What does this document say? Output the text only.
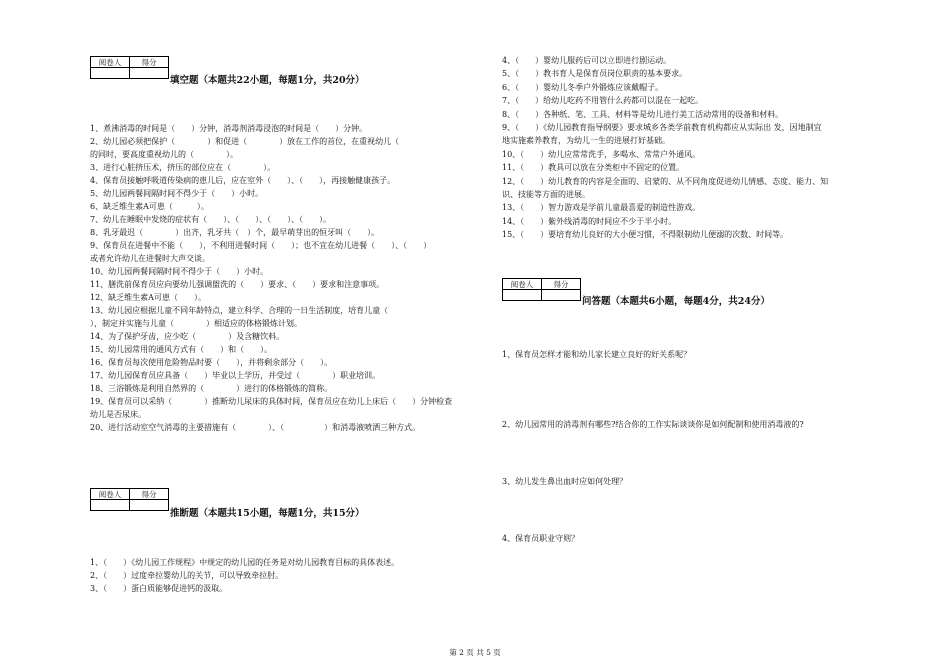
阅卷人	得分

填空题（本题共22小题，每题1分，共20分）
1、煮沸消毒的时间是（　　）分钟，消毒剂消毒浸泡的时间是（　　）分钟。
2、幼儿园必须把保护（　　　　）和促进（　　　　）放在工作的首位，在重视幼儿（　　
的同时，要高度重视幼儿的（　　　　）。
3、进行心脏挤压术，挤压的部位应在（　　　　）。
4、保育员接触呼吸道传染病的患儿后，应在室外（　　）、（　　），再接触健康孩子。
5、幼儿园两餐间隔时间不得少于（　　）小时。
6、缺乏维生素A可患（　　　）。
7、幼儿在睡眠中发烧的症状有（　　）、（　　）、（　　）、（　　）。
8、乳牙最迟（　　　　）出齐，乳牙共（　）个，最早萌芽出的恒牙叫（　　）。
9、保育员在进餐中不能（　　），不利用进餐时间（　　）；也不宜在幼儿进餐（　　）、（　　）
或者允许幼儿在进餐时大声交谈。
10、幼儿园两餐间隔时间不得少于（　　）小时。
11、膳洗前保育员应向要幼儿强调盥洗的（　　）要求、（　　）要求和注意事项。
12、缺乏维生素A可患（　　）。
13、幼儿园应根据儿童不同年龄特点，建立科学、合理的一日生活制度，培育儿童（　　
），制定并实施与儿童（　　　　）相适应的体格锻炼计划。
14、为了保护牙齿，应少吃（　　　　）及含糖饮料。
15、幼儿园常用的通风方式有（　　）和（　　）。
16、保育员每次使用危险物品时要（　　），并将剩余部分（　　）。
17、幼儿园保育员应具备（　　）毕业以上学历，并受过（　　　　）职业培训。
18、三浴锻炼是利用自然界的（　　　　）进行的体格锻炼的简称。
19、保育员可以采纳（　　　　）推断幼儿尿床的具体时间，保育员应在幼儿上床后（　　）分钟检查
幼儿是否尿床。
20、进行活动室空气消毒的主要措施有（　　　　）、（　　　　　）和消毒液喷洒三种方式。
阅卷人	得分

推断题（本题共15小题，每题1分，共15分）
1、（　　）《幼儿园工作规程》中规定的幼儿园的任务是对幼儿园教育目标的具体表述。
2、（　　）过度牵拉婴幼儿的关节，可以导致牵拉肘。
3、（　　）蛋白质能够促进钙的汲取。
4、（　　）婴幼儿服药后可以立即进行剧运动。
5、（　　）教书育人是保育员岗位职责的基本要求。
6、（　　）婴幼儿冬季户外锻炼应该戴帽子。
7、（　　）给幼儿吃药不用管什么药都可以混在一起吃。
8、（　　）各种纸、笔、工具、材料等是幼儿进行美工活动常用的设备和材料。
9、（　　）《幼儿园教育指导纲要》要求城乡各类学前教育机构都应从实际出 发，因地制宜
地实施素养教育，为幼儿一生的进展打好基础。
10、（　　）幼儿应常常洗手，多喝水、常常户外通风。
11、（　　）教具可以放在分类柜中不固定的位置。
12、（　　）幼儿教育的内容是全面的、启蒙的、从不同角度促进幼儿情感、态度、能力、知
识、技能等方面的进展。
13、（　　）智力游戏是学前儿童最喜爱的制造性游戏。
14、（　　）紫外线消毒的时间应不少于半小时。
15、（　　）要培育幼儿良好的大小便习惯，不得限制幼儿便溺的次数、时间等。
阅卷人	得分

问答题（本题共6小题，每题4分，共24分）
1、保育员怎样才能和幼儿家长建立良好的好关系呢？
2、幼儿园常用的消毒剂有哪些?结合你的工作实际谈谈你是如何配制和使用消毒液的?
3、幼儿发生鼻出血时应如何处理？
4、保育员职业守则？
第 2 页 共 5 页
